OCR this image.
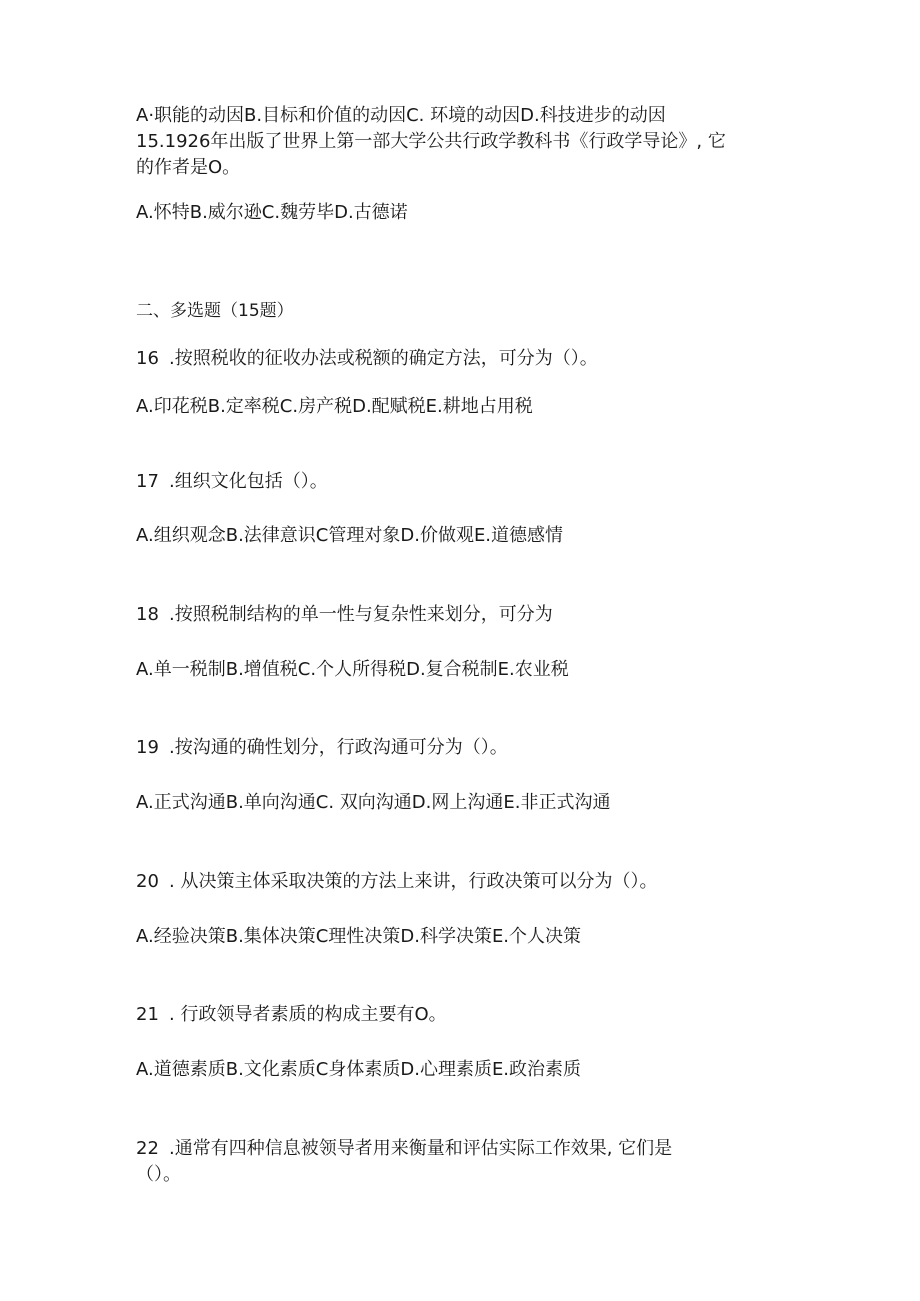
A·职能的动因B.目标和价值的动因C. 环境的动因D.科技进步的动因
15.1926年出版了世界上第一部大学公共行政学教科书《行政学导论》, 它
的作者是O。
A.怀特B.威尔逊C.魏劳毕D.古德诺
二、多选题（15题）
16 .按照税收的征收办法或税额的确定方法，可分为（）。
A.印花税B.定率税C.房产税D.配赋税E.耕地占用税
17 .组织文化包括（）。
A.组织观念B.法律意识C管理对象D.价做观E.道德感情
18 .按照税制结构的单一性与复杂性来划分，可分为
A.单一税制B.增值税C.个人所得税D.复合税制E.农业税
19 .按沟通的确性划分，行政沟通可分为（）。
A.正式沟通B.单向沟通C. 双向沟通D.网上沟通E.非正式沟通
20 . 从决策主体采取决策的方法上来讲，行政决策可以分为（）。
A.经验决策B.集体决策C理性决策D.科学决策E.个人决策
21 . 行政领导者素质的构成主要有O。
A.道德素质B.文化素质C身体素质D.心理素质E.政治素质
22 .通常有四种信息被领导者用来衡量和评估实际工作效果, 它们是
（）。
